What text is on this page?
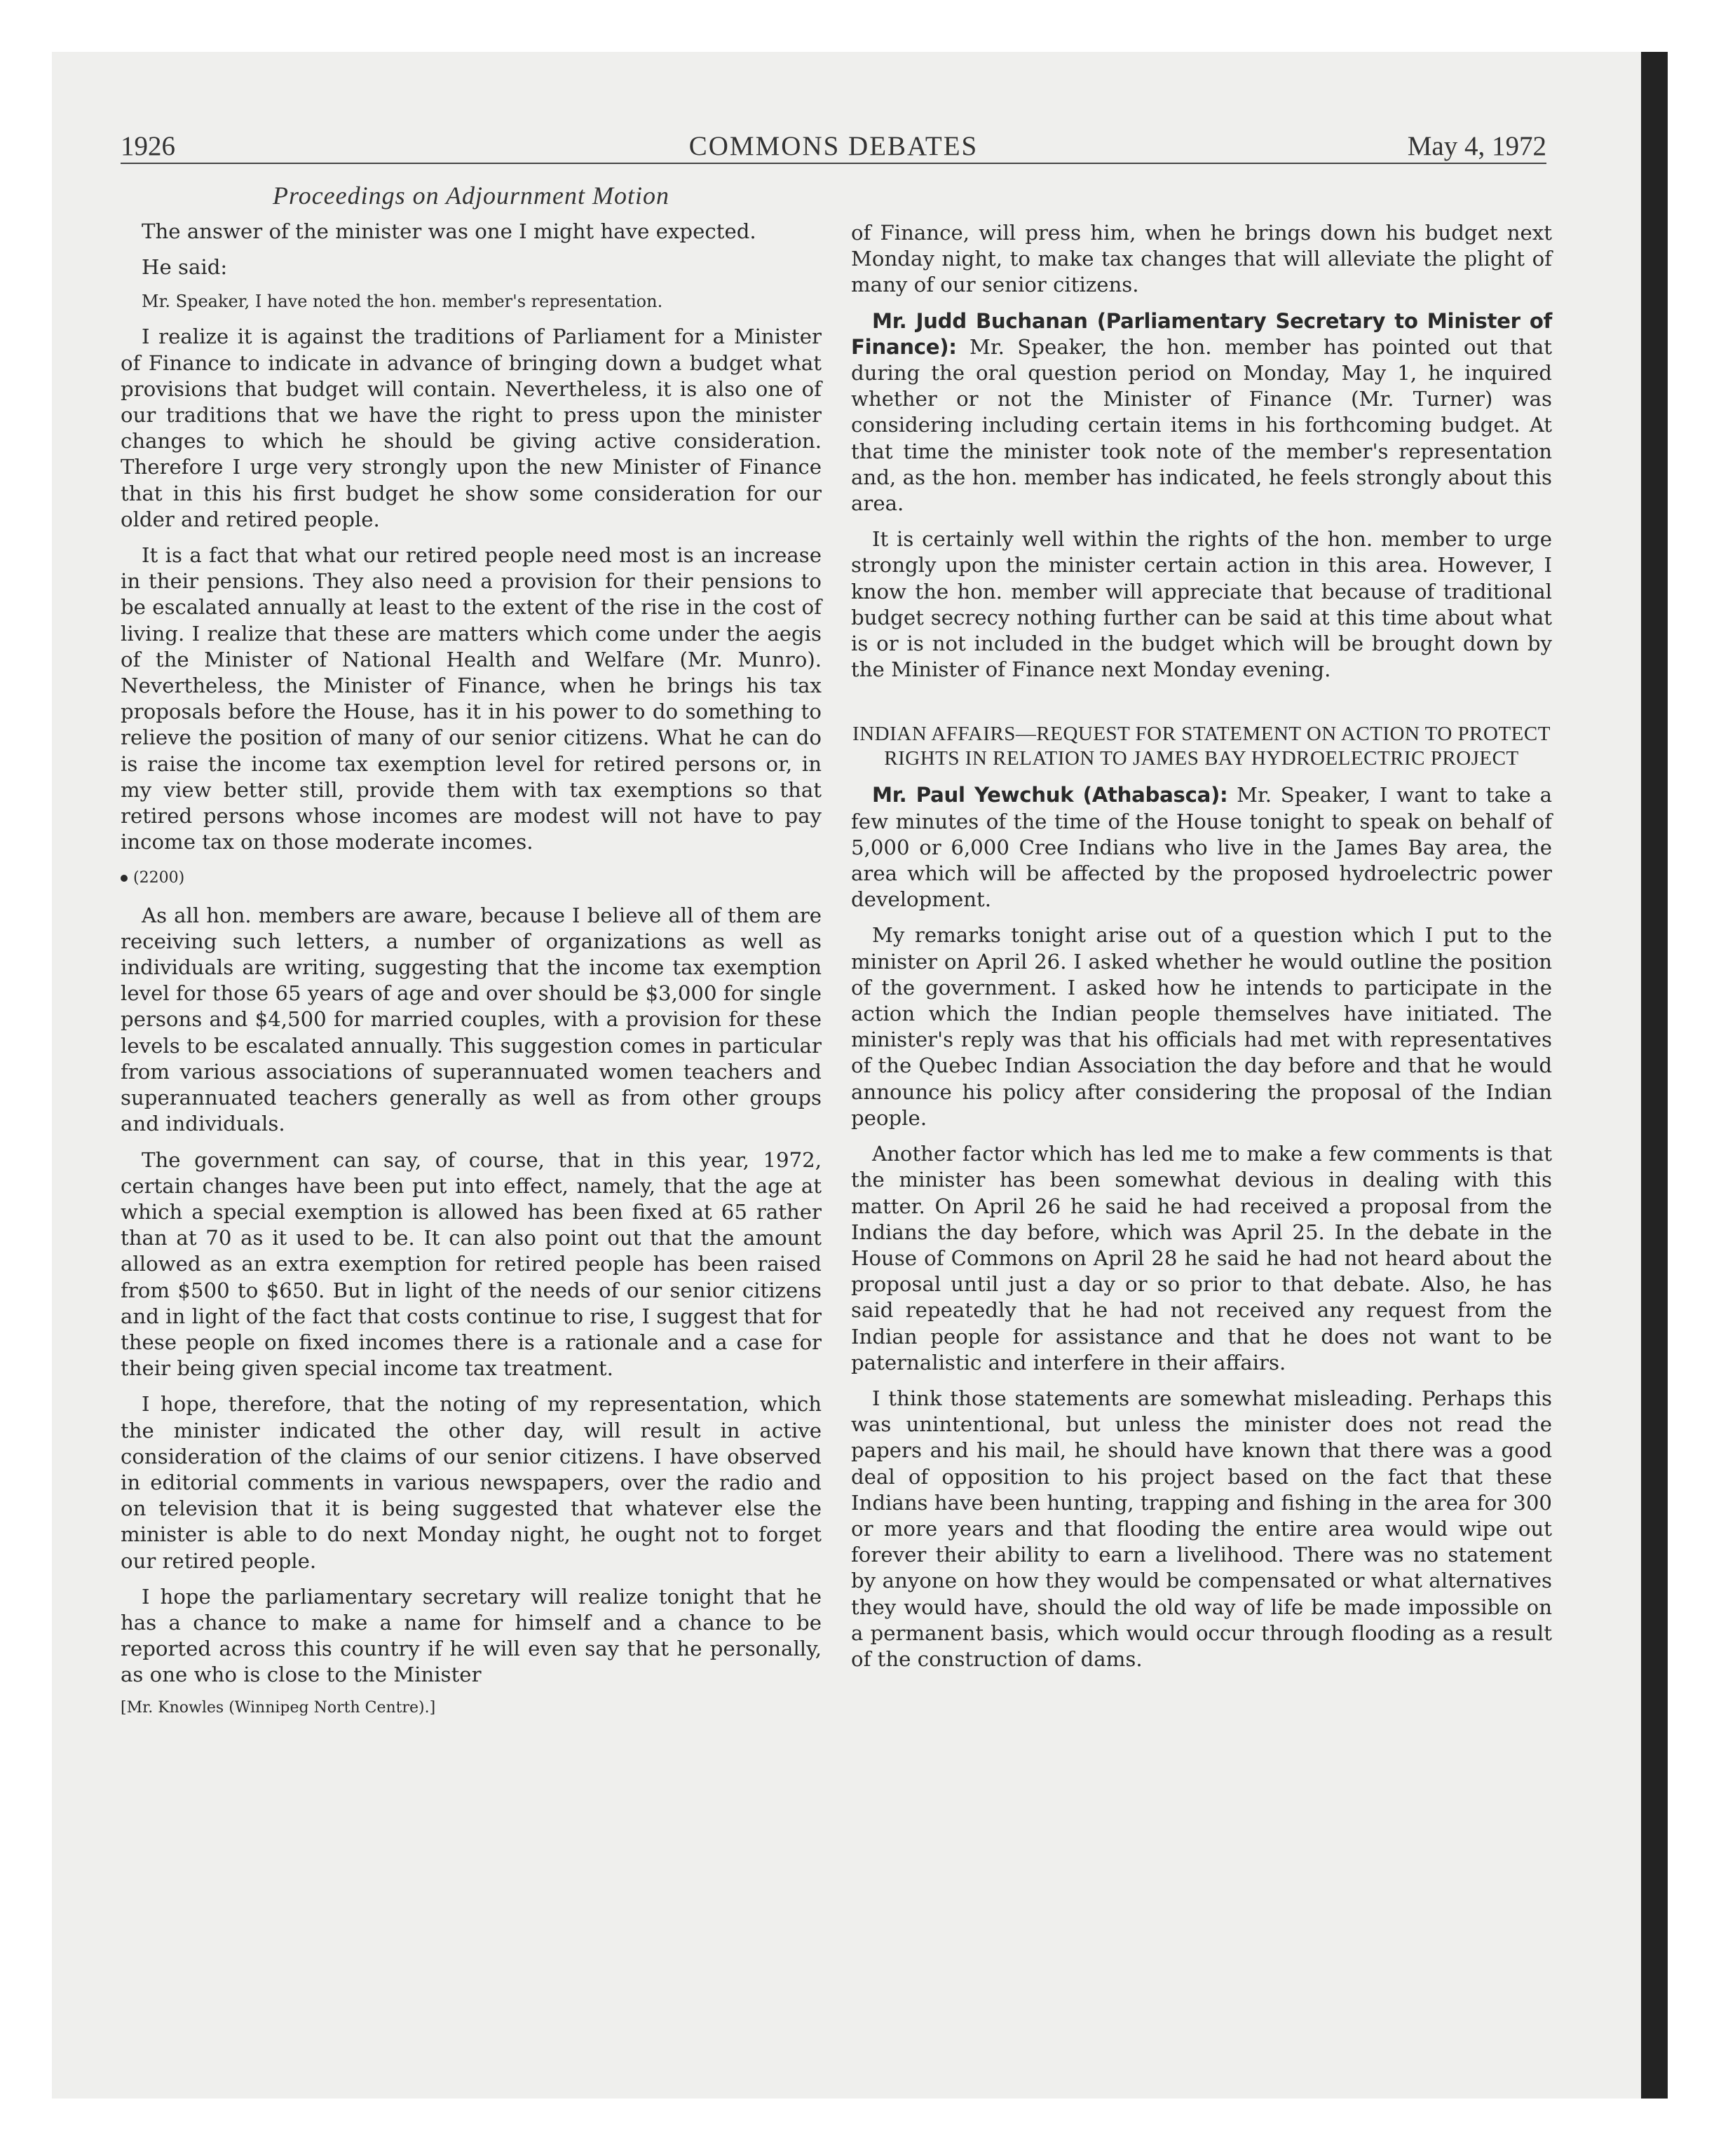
1926	COMMONS DEBATES	May 4, 1972
Proceedings on Adjournment Motion

The answer of the minister was one I might have expected.

He said:

Mr. Speaker, I have noted the hon. member's representation.

I realize it is against the traditions of Parliament for a Minister of Finance to indicate in advance of bringing down a budget what provisions that budget will contain. Nevertheless, it is also one of our traditions that we have the right to press upon the minister changes to which he should be giving active consideration. Therefore I urge very strongly upon the new Minister of Finance that in this his first budget he show some consideration for our older and retired people.

It is a fact that what our retired people need most is an increase in their pensions. They also need a provision for their pensions to be escalated annually at least to the extent of the rise in the cost of living. I realize that these are matters which come under the aegis of the Minister of National Health and Welfare (Mr. Munro). Nevertheless, the Minister of Finance, when he brings his tax proposals before the House, has it in his power to do something to relieve the position of many of our senior citizens. What he can do is raise the income tax exemption level for retired persons or, in my view better still, provide them with tax exemptions so that retired persons whose incomes are modest will not have to pay income tax on those moderate incomes.

(2200)

As all hon. members are aware, because I believe all of them are receiving such letters, a number of organizations as well as individuals are writing, suggesting that the income tax exemption level for those 65 years of age and over should be $3,000 for single persons and $4,500 for married couples, with a provision for these levels to be escalated annually. This suggestion comes in particular from various associations of superannuated women teachers and superannuated teachers generally as well as from other groups and individuals.

The government can say, of course, that in this year, 1972, certain changes have been put into effect, namely, that the age at which a special exemption is allowed has been fixed at 65 rather than at 70 as it used to be. It can also point out that the amount allowed as an extra exemption for retired people has been raised from $500 to $650. But in light of the needs of our senior citizens and in light of the fact that costs continue to rise, I suggest that for these people on fixed incomes there is a rationale and a case for their being given special income tax treatment.

I hope, therefore, that the noting of my representation, which the minister indicated the other day, will result in active consideration of the claims of our senior citizens. I have observed in editorial comments in various newspapers, over the radio and on television that it is being suggested that whatever else the minister is able to do next Monday night, he ought not to forget our retired people.

I hope the parliamentary secretary will realize tonight that he has a chance to make a name for himself and a chance to be reported across this country if he will even say that he personally, as one who is close to the Minister

[Mr. Knowles (Winnipeg North Centre).]

of Finance, will press him, when he brings down his budget next Monday night, to make tax changes that will alleviate the plight of many of our senior citizens.

Mr. Judd Buchanan (Parliamentary Secretary to Minister of Finance): Mr. Speaker, the hon. member has pointed out that during the oral question period on Monday, May 1, he inquired whether or not the Minister of Finance (Mr. Turner) was considering including certain items in his forthcoming budget. At that time the minister took note of the member's representation and, as the hon. member has indicated, he feels strongly about this area.

It is certainly well within the rights of the hon. member to urge strongly upon the minister certain action in this area. However, I know the hon. member will appreciate that because of traditional budget secrecy nothing further can be said at this time about what is or is not included in the budget which will be brought down by the Minister of Finance next Monday evening.

INDIAN AFFAIRS—REQUEST FOR STATEMENT ON ACTION TO PROTECT RIGHTS IN RELATION TO JAMES BAY HYDROELECTRIC PROJECT

Mr. Paul Yewchuk (Athabasca): Mr. Speaker, I want to take a few minutes of the time of the House tonight to speak on behalf of 5,000 or 6,000 Cree Indians who live in the James Bay area, the area which will be affected by the proposed hydroelectric power development.

My remarks tonight arise out of a question which I put to the minister on April 26. I asked whether he would outline the position of the government. I asked how he intends to participate in the action which the Indian people themselves have initiated. The minister's reply was that his officials had met with representatives of the Quebec Indian Association the day before and that he would announce his policy after considering the proposal of the Indian people.

Another factor which has led me to make a few comments is that the minister has been somewhat devious in dealing with this matter. On April 26 he said he had received a proposal from the Indians the day before, which was April 25. In the debate in the House of Commons on April 28 he said he had not heard about the proposal until just a day or so prior to that debate. Also, he has said repeatedly that he had not received any request from the Indian people for assistance and that he does not want to be paternalistic and interfere in their affairs.

I think those statements are somewhat misleading. Perhaps this was unintentional, but unless the minister does not read the papers and his mail, he should have known that there was a good deal of opposition to his project based on the fact that these Indians have been hunting, trapping and fishing in the area for 300 or more years and that flooding the entire area would wipe out forever their ability to earn a livelihood. There was no statement by anyone on how they would be compensated or what alternatives they would have, should the old way of life be made impossible on a permanent basis, which would occur through flooding as a result of the construction of dams.
